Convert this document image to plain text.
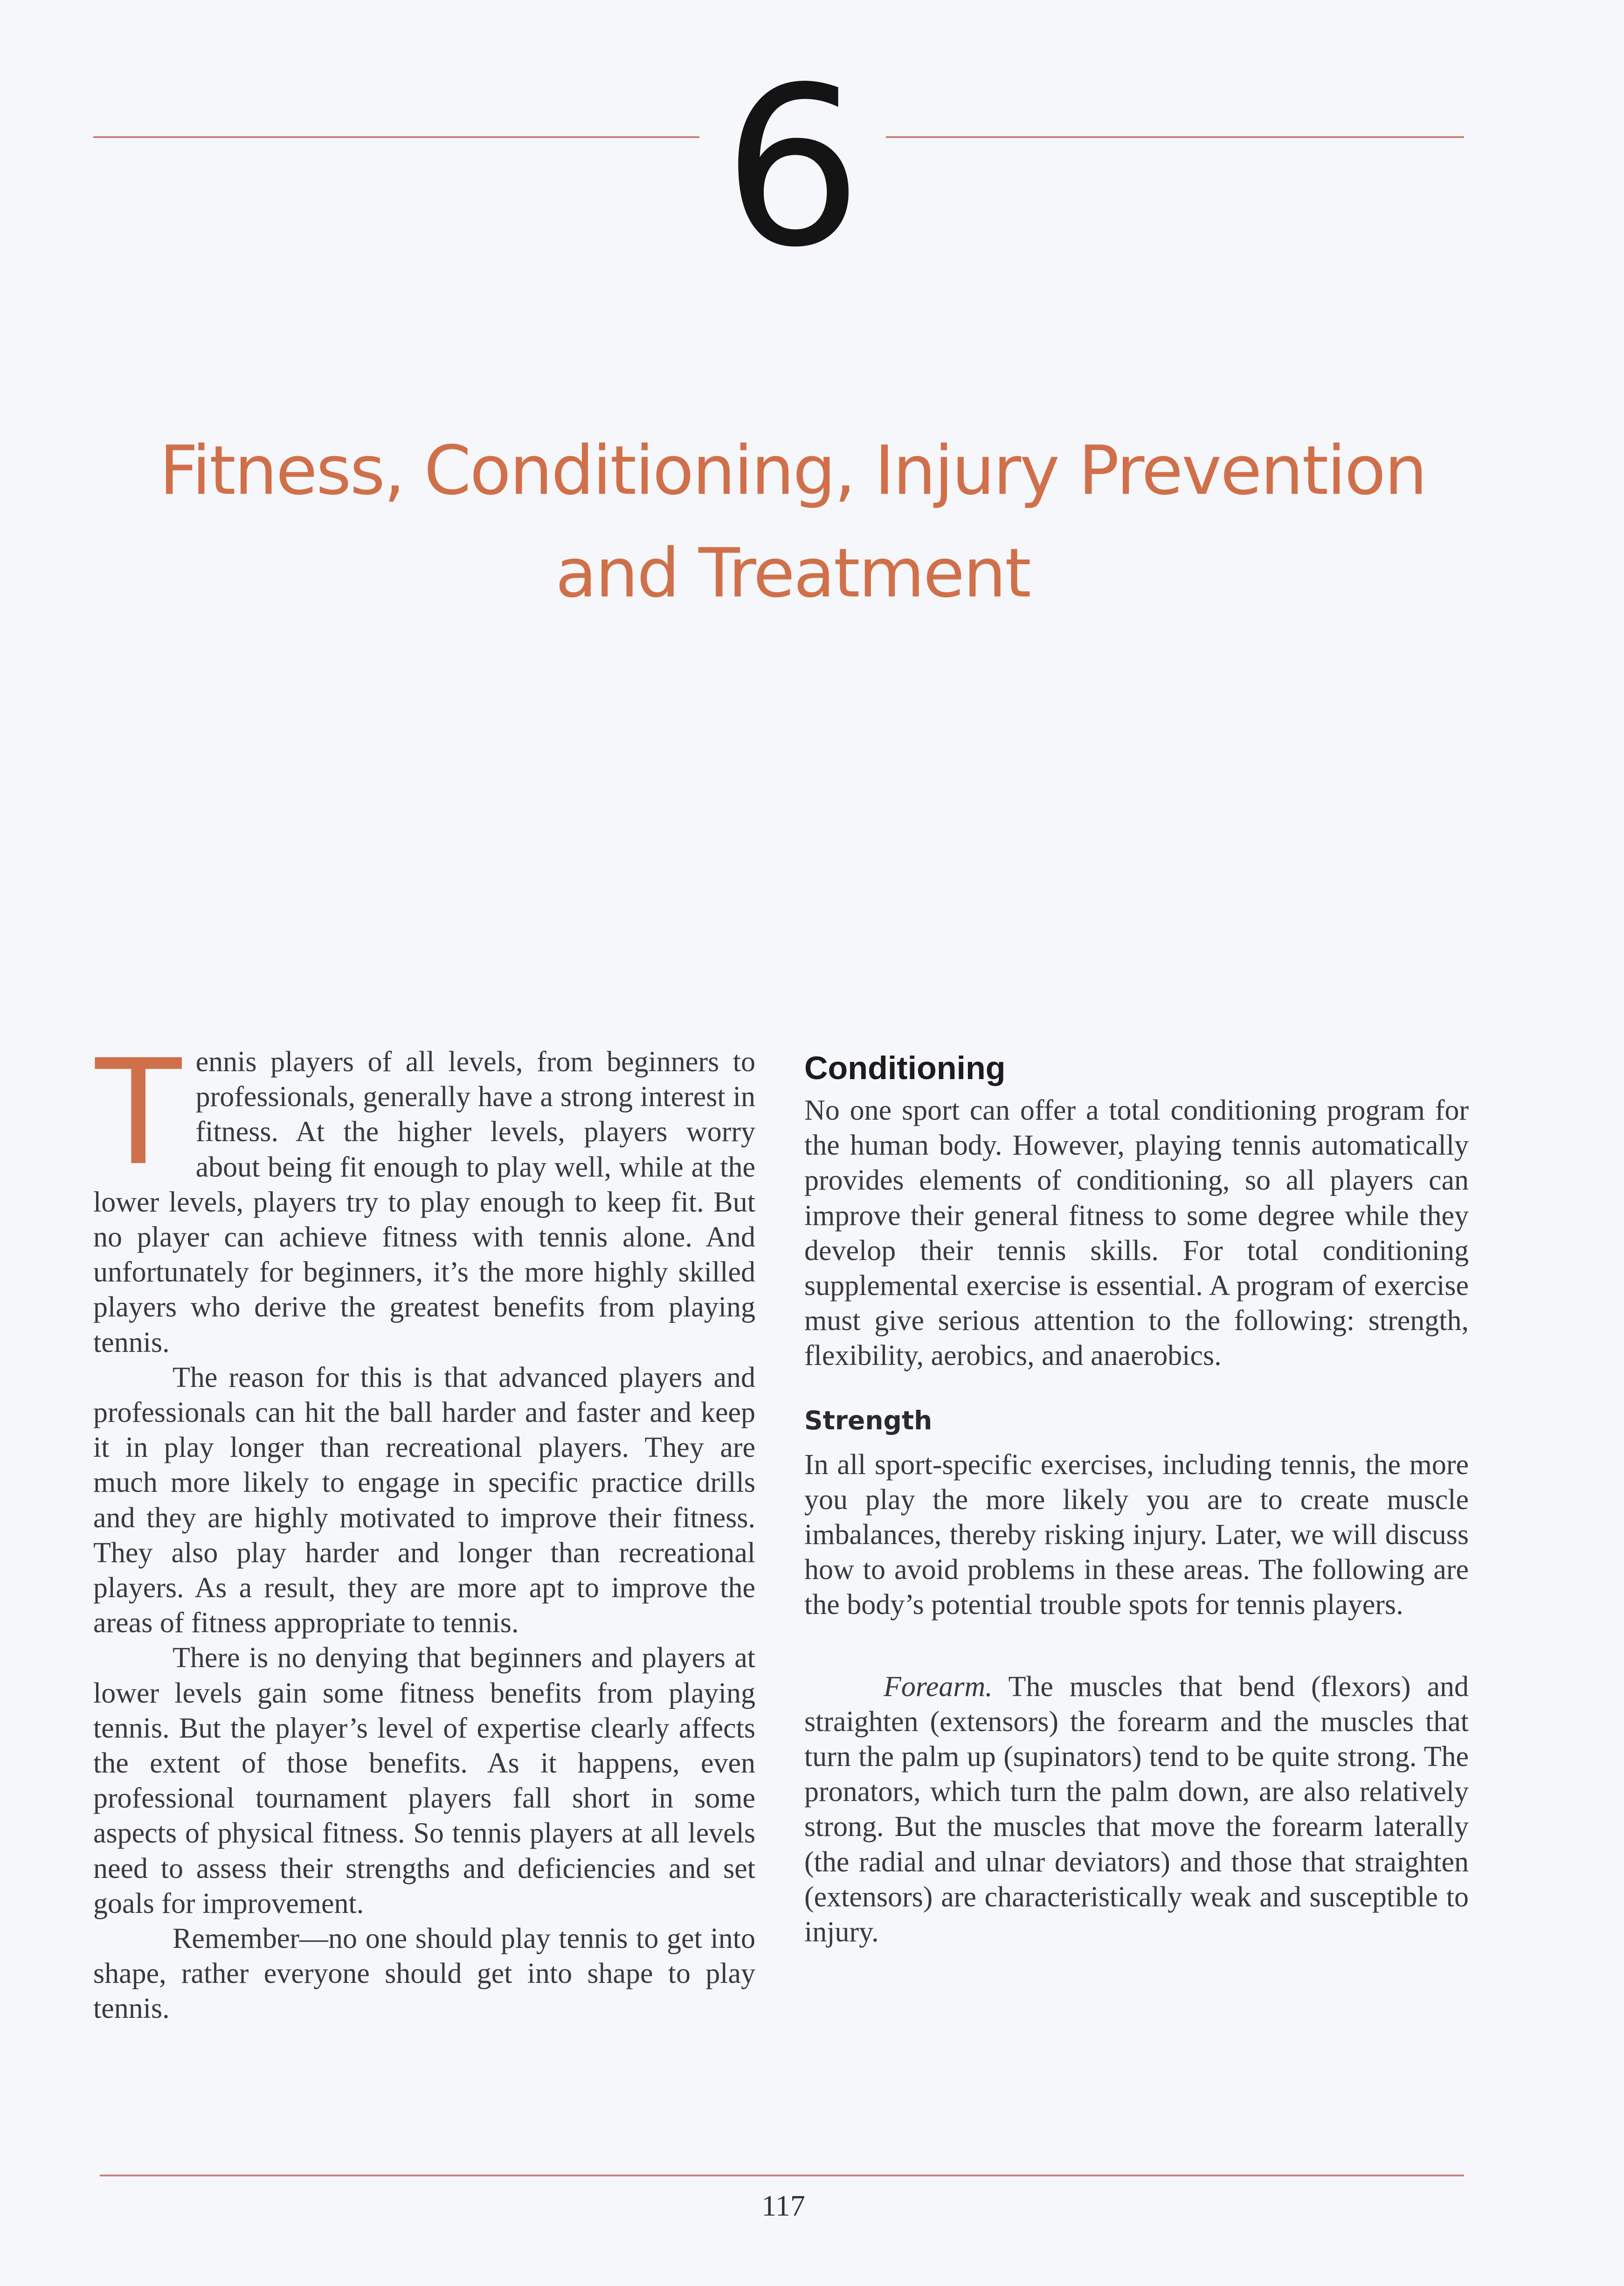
6
Fitness, Conditioning, Injury Prevention
and Treatment

Tennis players of all levels, from beginners to professionals, generally have a strong interest in fitness. At the higher levels, players worry about being fit enough to play well, while at the lower levels, players try to play enough to keep fit. But no player can achieve fitness with tennis alone. And unfortunately for beginners, it’s the more highly skilled players who derive the greatest benefits from playing tennis.

The reason for this is that advanced players and professionals can hit the ball harder and faster and keep it in play longer than recreational players. They are much more likely to engage in specific practice drills and they are highly motivated to improve their fitness. They also play harder and longer than recreational players. As a result, they are more apt to improve the areas of fitness appropriate to tennis.

There is no denying that beginners and players at lower levels gain some fitness benefits from playing tennis. But the player’s level of expertise clearly affects the extent of those benefits. As it happens, even professional tournament players fall short in some aspects of physical fitness. So tennis players at all levels need to assess their strengths and deficiencies and set goals for improvement.

Remember—no one should play tennis to get into shape, rather everyone should get into shape to play tennis.

Conditioning

No one sport can offer a total conditioning program for the human body. However, playing tennis automatically provides elements of conditioning, so all players can improve their general fitness to some degree while they develop their tennis skills. For total conditioning supplemental exercise is essential. A program of exercise must give serious attention to the following: strength, flexibility, aerobics, and anaerobics.

Strength

In all sport-specific exercises, including tennis, the more you play the more likely you are to create muscle imbalances, thereby risking injury. Later, we will discuss how to avoid problems in these areas. The following are the body’s potential trouble spots for tennis players.

Forearm. The muscles that bend (flexors) and straighten (extensors) the forearm and the muscles that turn the palm up (supinators) tend to be quite strong. The pronators, which turn the palm down, are also relatively strong. But the muscles that move the forearm laterally (the radial and ulnar deviators) and those that straighten (extensors) are characteristically weak and susceptible to injury.

117
